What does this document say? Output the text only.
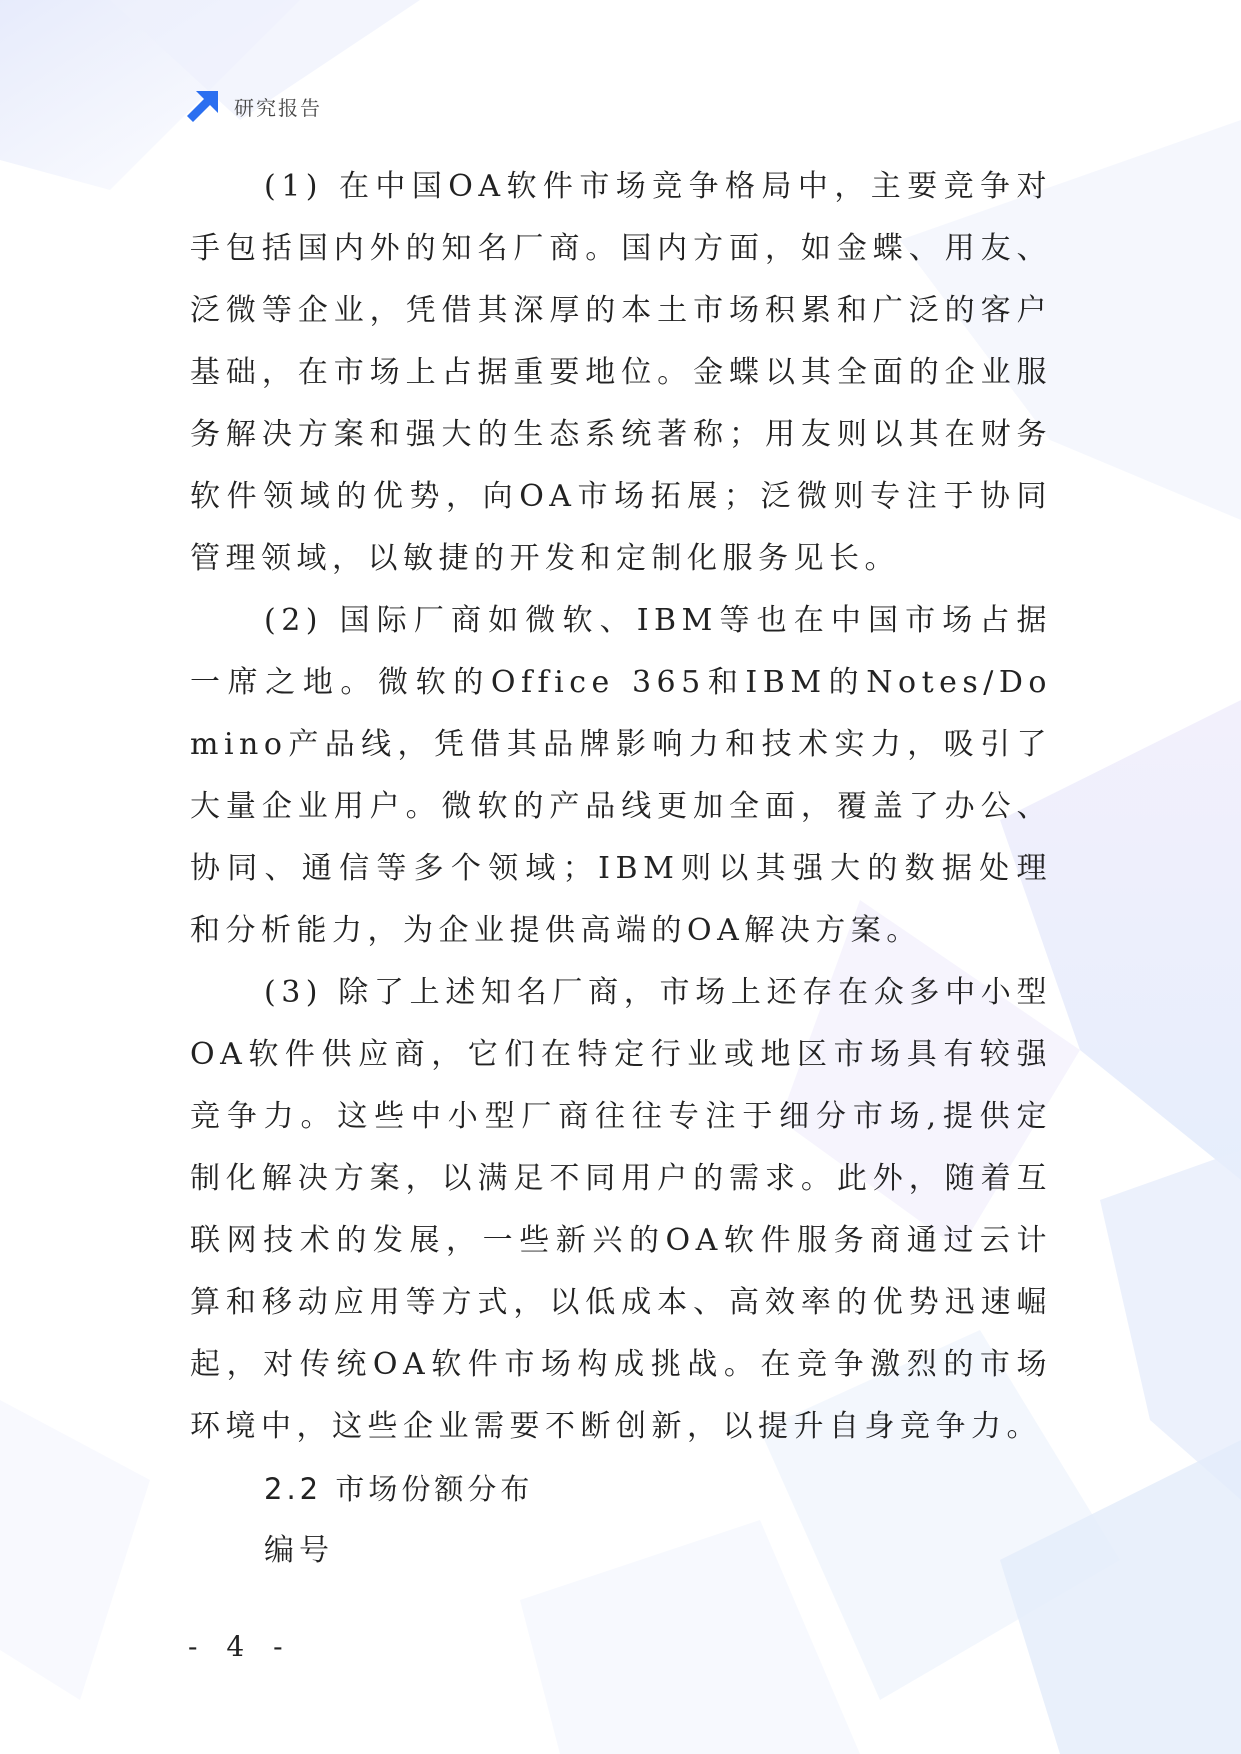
研究报告

(1) 在中国OA软件市场竞争格局中，主要竞争对手包括国内外的知名厂商。国内方面，如金蝶、用友、泛微等企业，凭借其深厚的本土市场积累和广泛的客户基础，在市场上占据重要地位。金蝶以其全面的企业服务解决方案和强大的生态系统著称；用友则以其在财务软件领域的优势，向OA市场拓展；泛微则专注于协同管理领域，以敏捷的开发和定制化服务见长。

(2) 国际厂商如微软、IBM等也在中国市场占据一席之地。微软的Office 365和IBM的Notes/Domino产品线，凭借其品牌影响力和技术实力，吸引了大量企业用户。微软的产品线更加全面，覆盖了办公、协同、通信等多个领域；IBM则以其强大的数据处理和分析能力，为企业提供高端的OA解决方案。

(3) 除了上述知名厂商，市场上还存在众多中小型OA软件供应商，它们在特定行业或地区市场具有较强竞争力。这些中小型厂商往往专注于细分市场,提供定制化解决方案，以满足不同用户的需求。此外，随着互联网技术的发展，一些新兴的OA软件服务商通过云计算和移动应用等方式，以低成本、高效率的优势迅速崛起，对传统OA软件市场构成挑战。在竞争激烈的市场环境中，这些企业需要不断创新，以提升自身竞争力。

2.2 市场份额分布

编号

- 4 -
